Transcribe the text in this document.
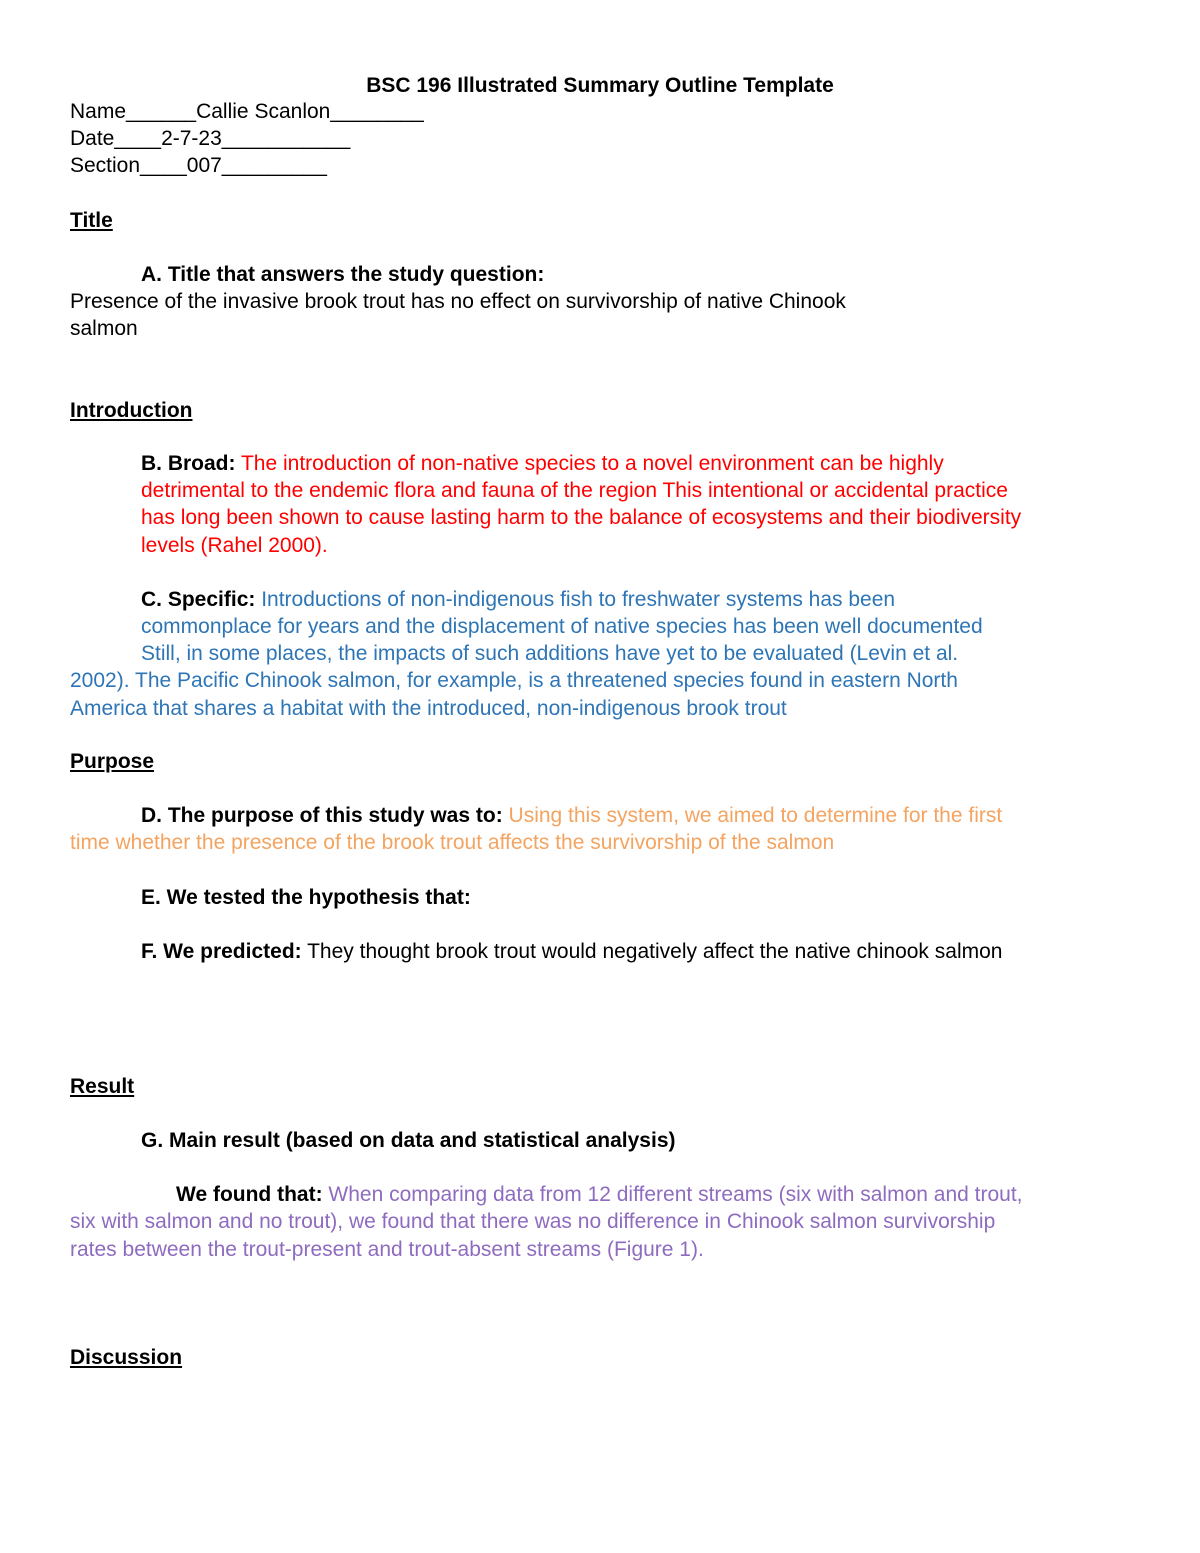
BSC 196 Illustrated Summary Outline Template
Name______Callie Scanlon________
Date____2-7-23___________
Section____007_________
Title
A. Title that answers the study question:
Presence of the invasive brook trout has no effect on survivorship of native Chinook
salmon
Introduction
B. Broad: The introduction of non-native species to a novel environment can be highly
detrimental to the endemic flora and fauna of the region This intentional or accidental practice
has long been shown to cause lasting harm to the balance of ecosystems and their biodiversity
levels (Rahel 2000).
C. Specific: Introductions of non-indigenous fish to freshwater systems has been
commonplace for years and the displacement of native species has been well documented
Still, in some places, the impacts of such additions have yet to be evaluated (Levin et al.
2002). The Pacific Chinook salmon, for example, is a threatened species found in eastern North
America that shares a habitat with the introduced, non-indigenous brook trout
Purpose
D. The purpose of this study was to: Using this system, we aimed to determine for the first
time whether the presence of the brook trout affects the survivorship of the salmon
E. We tested the hypothesis that:
F. We predicted: They thought brook trout would negatively affect the native chinook salmon
Result
G. Main result (based on data and statistical analysis)
We found that: When comparing data from 12 different streams (six with salmon and trout,
six with salmon and no trout), we found that there was no difference in Chinook salmon survivorship
rates between the trout-present and trout-absent streams (Figure 1).
Discussion
